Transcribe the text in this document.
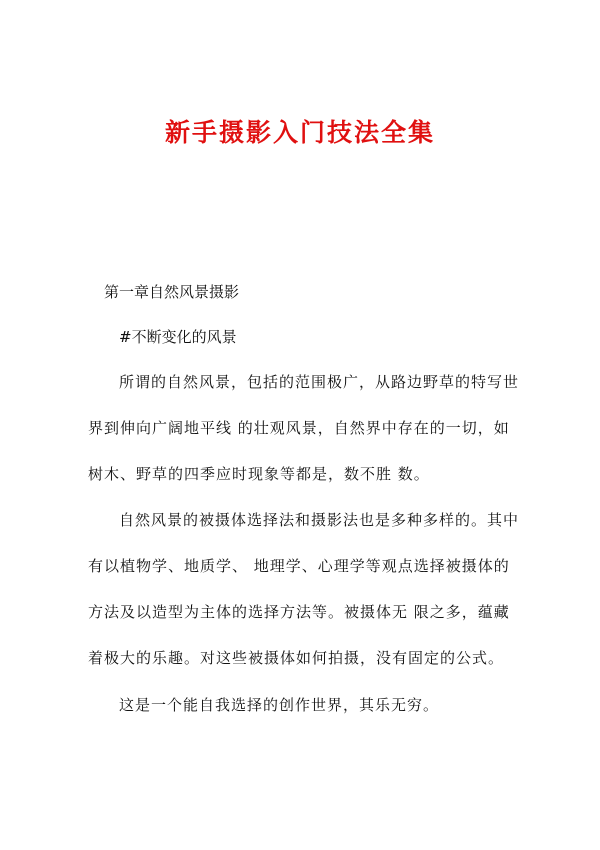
新手摄影入门技法全集
第一章自然风景摄影
#不断变化的风景
所谓的自然风景，包括的范围极广，从路边野草的特写世
界到伸向广阔地平线 的壮观风景，自然界中存在的一切，如
树木、野草的四季应时现象等都是，数不胜 数。
自然风景的被摄体选择法和摄影法也是多种多样的。其中
有以植物学、地质学、 地理学、心理学等观点选择被摄体的
方法及以造型为主体的选择方法等。被摄体无 限之多，蕴藏
着极大的乐趣。对这些被摄体如何拍摄，没有固定的公式。
这是一个能自我选择的创作世界，其乐无穷。
